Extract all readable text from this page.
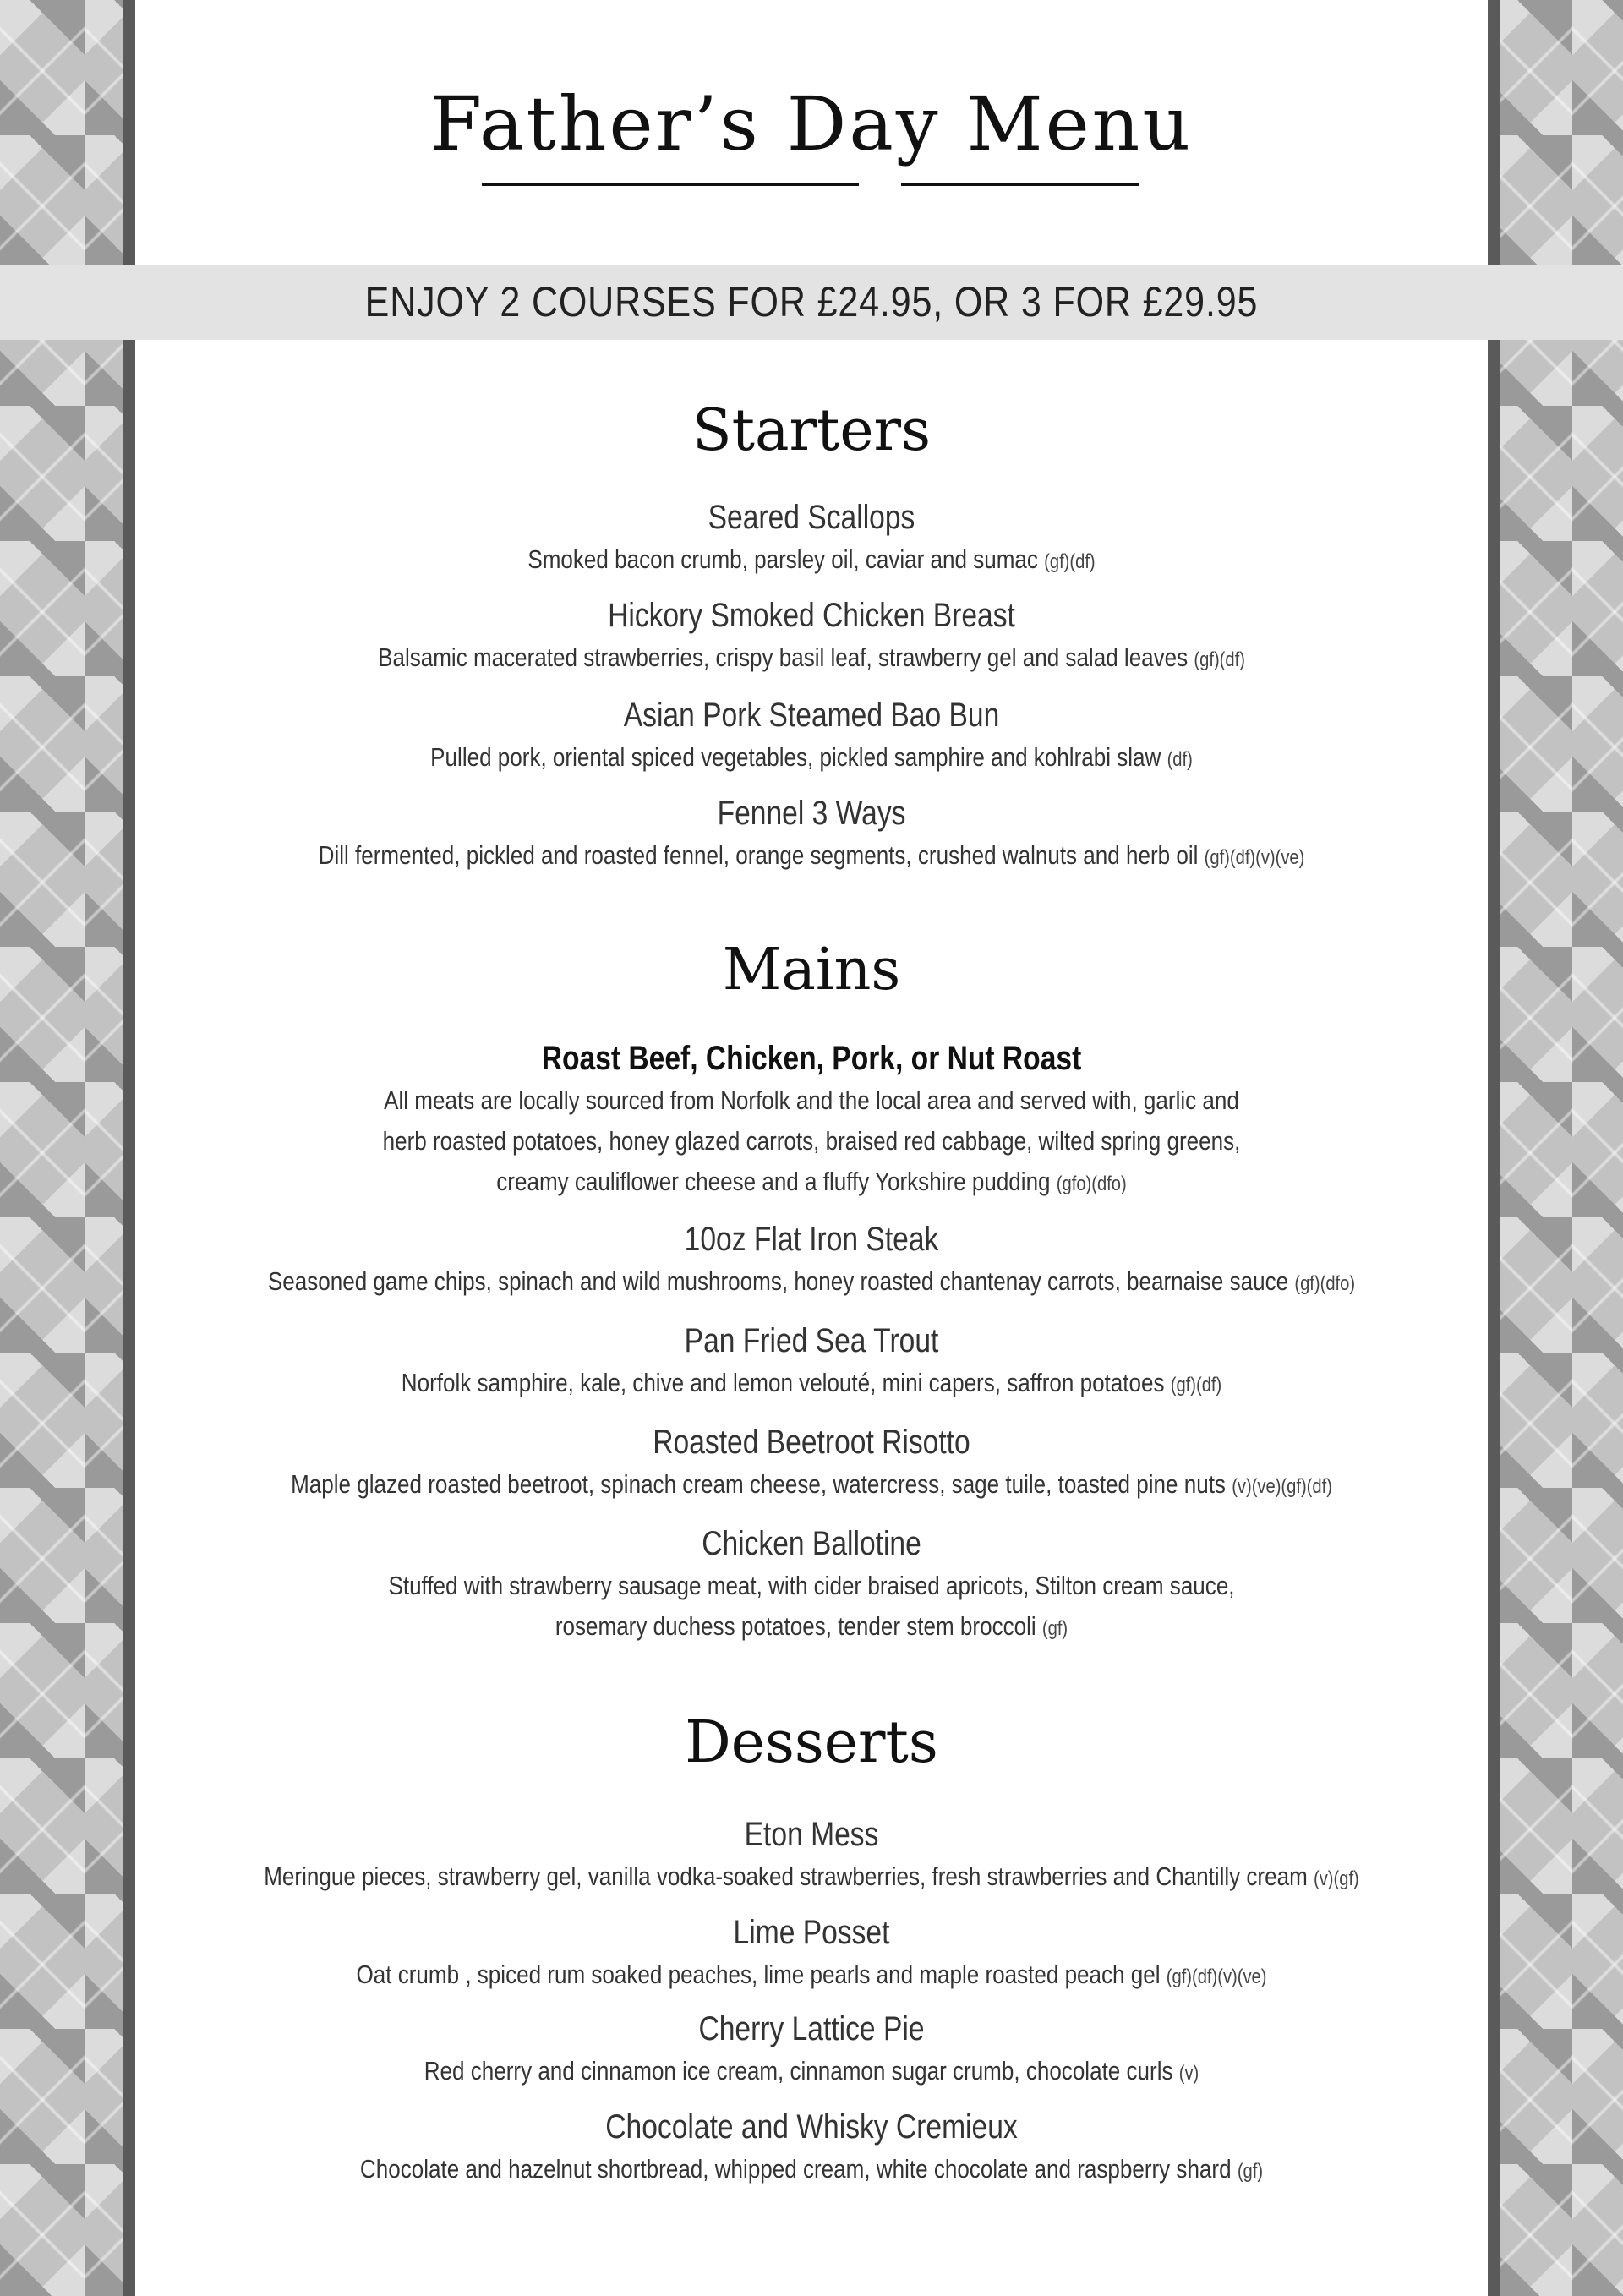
Father’s Day Menu
ENJOY 2 COURSES FOR £24.95, OR 3 FOR £29.95
Starters
Seared Scallops
Smoked bacon crumb, parsley oil, caviar and sumac (gf)(df)
Hickory Smoked Chicken Breast
Balsamic macerated strawberries, crispy basil leaf, strawberry gel and salad leaves (gf)(df)
Asian Pork Steamed Bao Bun
Pulled pork, oriental spiced vegetables, pickled samphire and kohlrabi slaw (df)
Fennel 3 Ways
Dill fermented, pickled and roasted fennel, orange segments, crushed walnuts and herb oil (gf)(df)(v)(ve)
Mains
Roast Beef, Chicken, Pork, or Nut Roast
All meats are locally sourced from Norfolk and the local area and served with, garlic and herb roasted potatoes, honey glazed carrots, braised red cabbage, wilted spring greens, creamy cauliflower cheese and a fluffy Yorkshire pudding (gfo)(dfo)
10oz Flat Iron Steak
Seasoned game chips, spinach and wild mushrooms, honey roasted chantenay carrots, bearnaise sauce (gf)(dfo)
Pan Fried Sea Trout
Norfolk samphire, kale, chive and lemon velouté, mini capers, saffron potatoes (gf)(df)
Roasted Beetroot Risotto
Maple glazed roasted beetroot, spinach cream cheese, watercress, sage tuile, toasted pine nuts (v)(ve)(gf)(df)
Chicken Ballotine
Stuffed with strawberry sausage meat, with cider braised apricots, Stilton cream sauce, rosemary duchess potatoes, tender stem broccoli (gf)
Desserts
Eton Mess
Meringue pieces, strawberry gel, vanilla vodka-soaked strawberries, fresh strawberries and Chantilly cream (v)(gf)
Lime Posset
Oat crumb , spiced rum soaked peaches, lime pearls and maple roasted peach gel (gf)(df)(v)(ve)
Cherry Lattice Pie
Red cherry and cinnamon ice cream, cinnamon sugar crumb, chocolate curls (v)
Chocolate and Whisky Cremieux
Chocolate and hazelnut shortbread, whipped cream, white chocolate and raspberry shard (gf)
